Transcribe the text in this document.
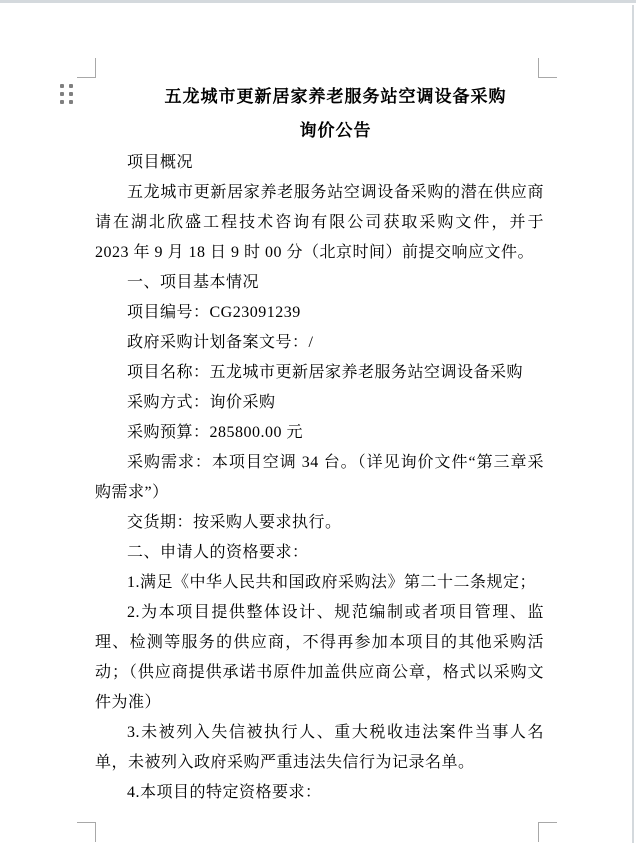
五龙城市更新居家养老服务站空调设备采购
询价公告

项目概况

五龙城市更新居家养老服务站空调设备采购的潜在供应商请在湖北欣盛工程技术咨询有限公司获取采购文件，并于 2023 年 9 月 18 日 9 时 00 分（北京时间）前提交响应文件。

一、项目基本情况

项目编号：CG23091239

政府采购计划备案文号：/

项目名称：五龙城市更新居家养老服务站空调设备采购

采购方式：询价采购

采购预算：285800.00 元

采购需求：本项目空调 34 台。（详见询价文件“第三章采购需求”）

交货期：按采购人要求执行。

二、申请人的资格要求：

1.满足《中华人民共和国政府采购法》第二十二条规定；

2.为本项目提供整体设计、规范编制或者项目管理、监理、检测等服务的供应商，不得再参加本项目的其他采购活动；（供应商提供承诺书原件加盖供应商公章，格式以采购文件为准）

3.未被列入失信被执行人、重大税收违法案件当事人名单，未被列入政府采购严重违法失信行为记录名单。

4.本项目的特定资格要求：
